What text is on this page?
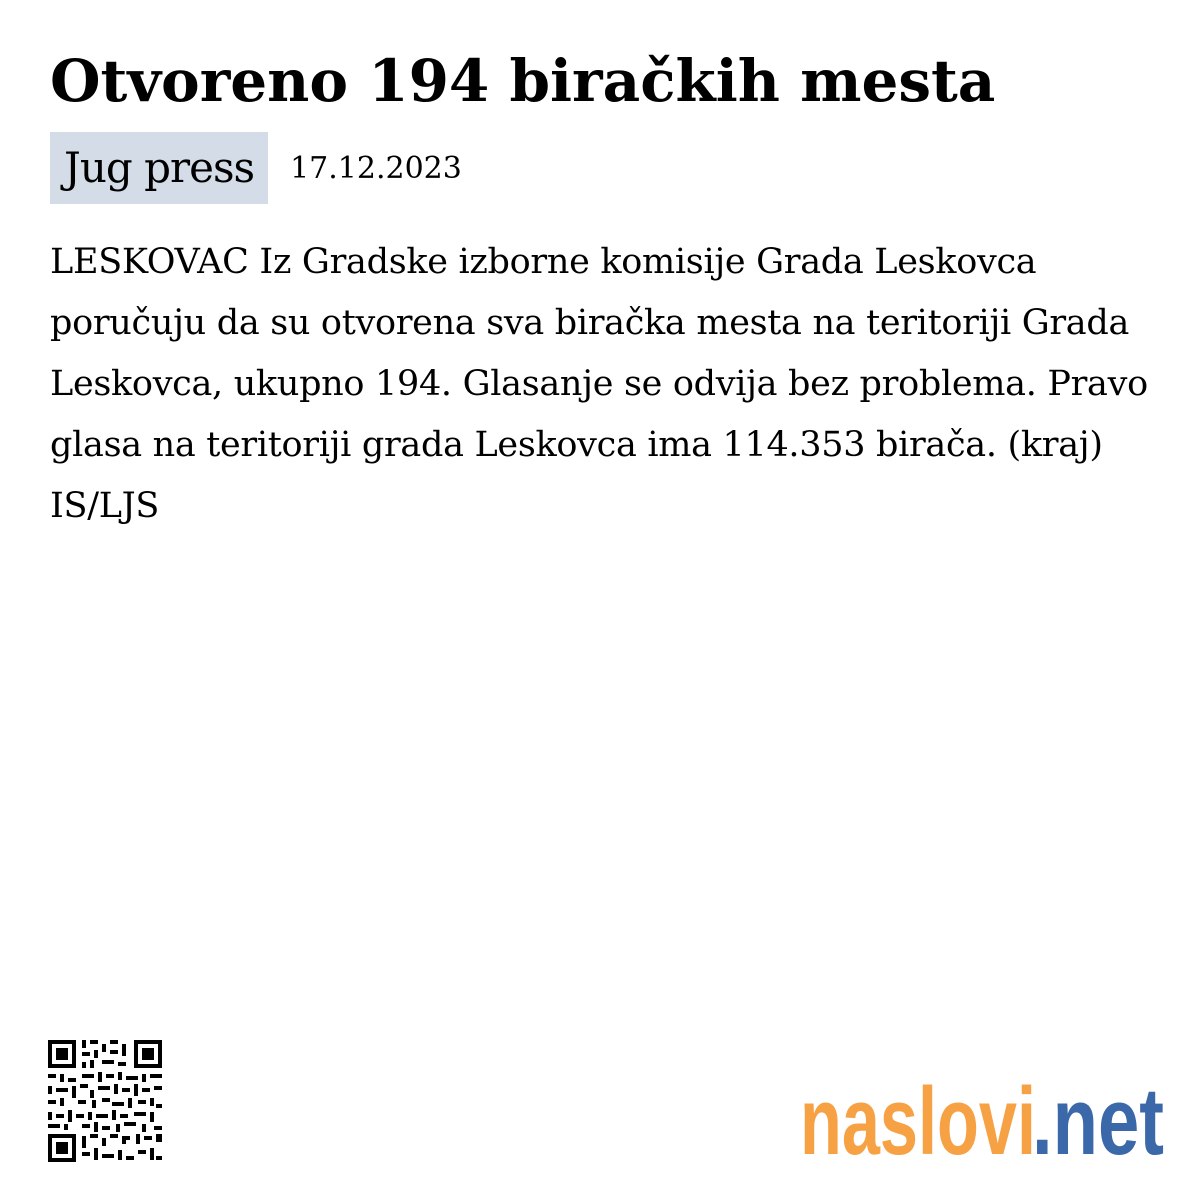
Otvoreno 194 biračkih mesta
Jug press	17.12.2023

LESKOVAC Iz Gradske izborne komisije Grada Leskovca poručuju da su otvorena sva biračka mesta na teritoriji Grada Leskovca, ukupno 194. Glasanje se odvija bez problema. Pravo glasa na teritoriji grada Leskovca ima 114.353 birača. (kraj) IS/LJS

naslovi
.net
